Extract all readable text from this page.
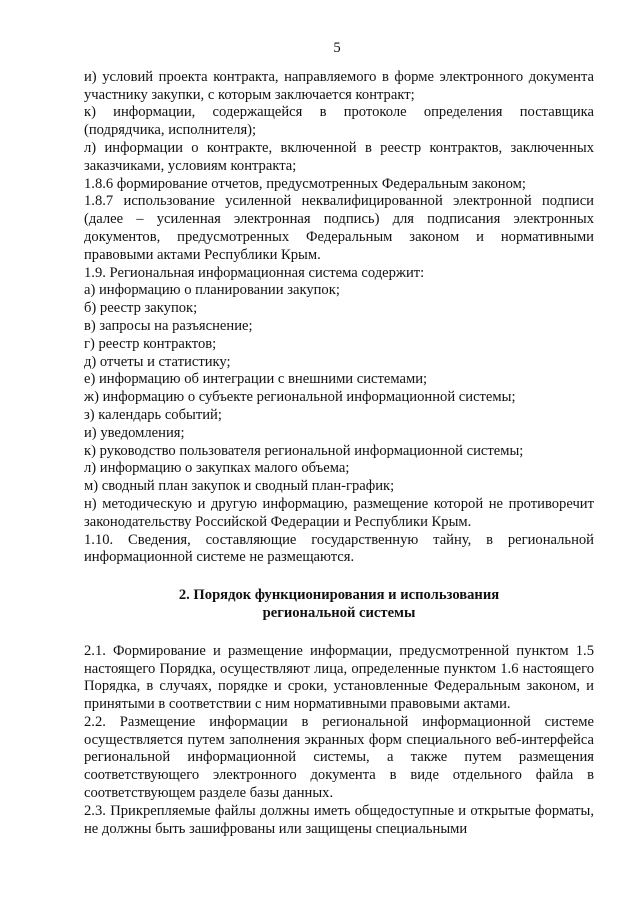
5

и) условий проекта контракта, направляемого в форме электронного документа участнику закупки, с которым заключается контракт;

к) информации, содержащейся в протоколе определения поставщика (подрядчика, исполнителя);

л) информации о контракте, включенной в реестр контрактов, заключенных заказчиками, условиям контракта;

1.8.6 формирование отчетов, предусмотренных Федеральным законом;

1.8.7 использование усиленной неквалифицированной электронной подписи (далее – усиленная электронная подпись) для подписания электронных документов, предусмотренных Федеральным законом и нормативными правовыми актами Республики Крым.

1.9. Региональная информационная система содержит:

а) информацию о планировании закупок;

б) реестр закупок;

в) запросы на разъяснение;

г) реестр контрактов;

д) отчеты и статистику;

е) информацию об интеграции с внешними системами;

ж) информацию о субъекте региональной информационной системы;

з) календарь событий;

и) уведомления;

к) руководство пользователя региональной информационной системы;

л) информацию о закупках малого объема;

м) сводный план закупок и сводный план-график;

н) методическую и другую информацию, размещение которой не противоречит законодательству Российской Федерации и Республики Крым.

1.10. Сведения, составляющие государственную тайну, в региональной информационной системе не размещаются.

2. Порядок функционирования и использования
региональной системы

2.1. Формирование и размещение информации, предусмотренной пунктом 1.5 настоящего Порядка, осуществляют лица, определенные пунктом 1.6 настоящего Порядка, в случаях, порядке и сроки, установленные Федеральным законом, и принятыми в соответствии с ним нормативными правовыми актами.

2.2. Размещение информации в региональной информационной системе осуществляется путем заполнения экранных форм специального веб-интерфейса региональной информационной системы, а также путем размещения соответствующего электронного документа в виде отдельного файла в соответствующем разделе базы данных.

2.3. Прикрепляемые файлы должны иметь общедоступные и открытые форматы, не должны быть зашифрованы или защищены специальными
